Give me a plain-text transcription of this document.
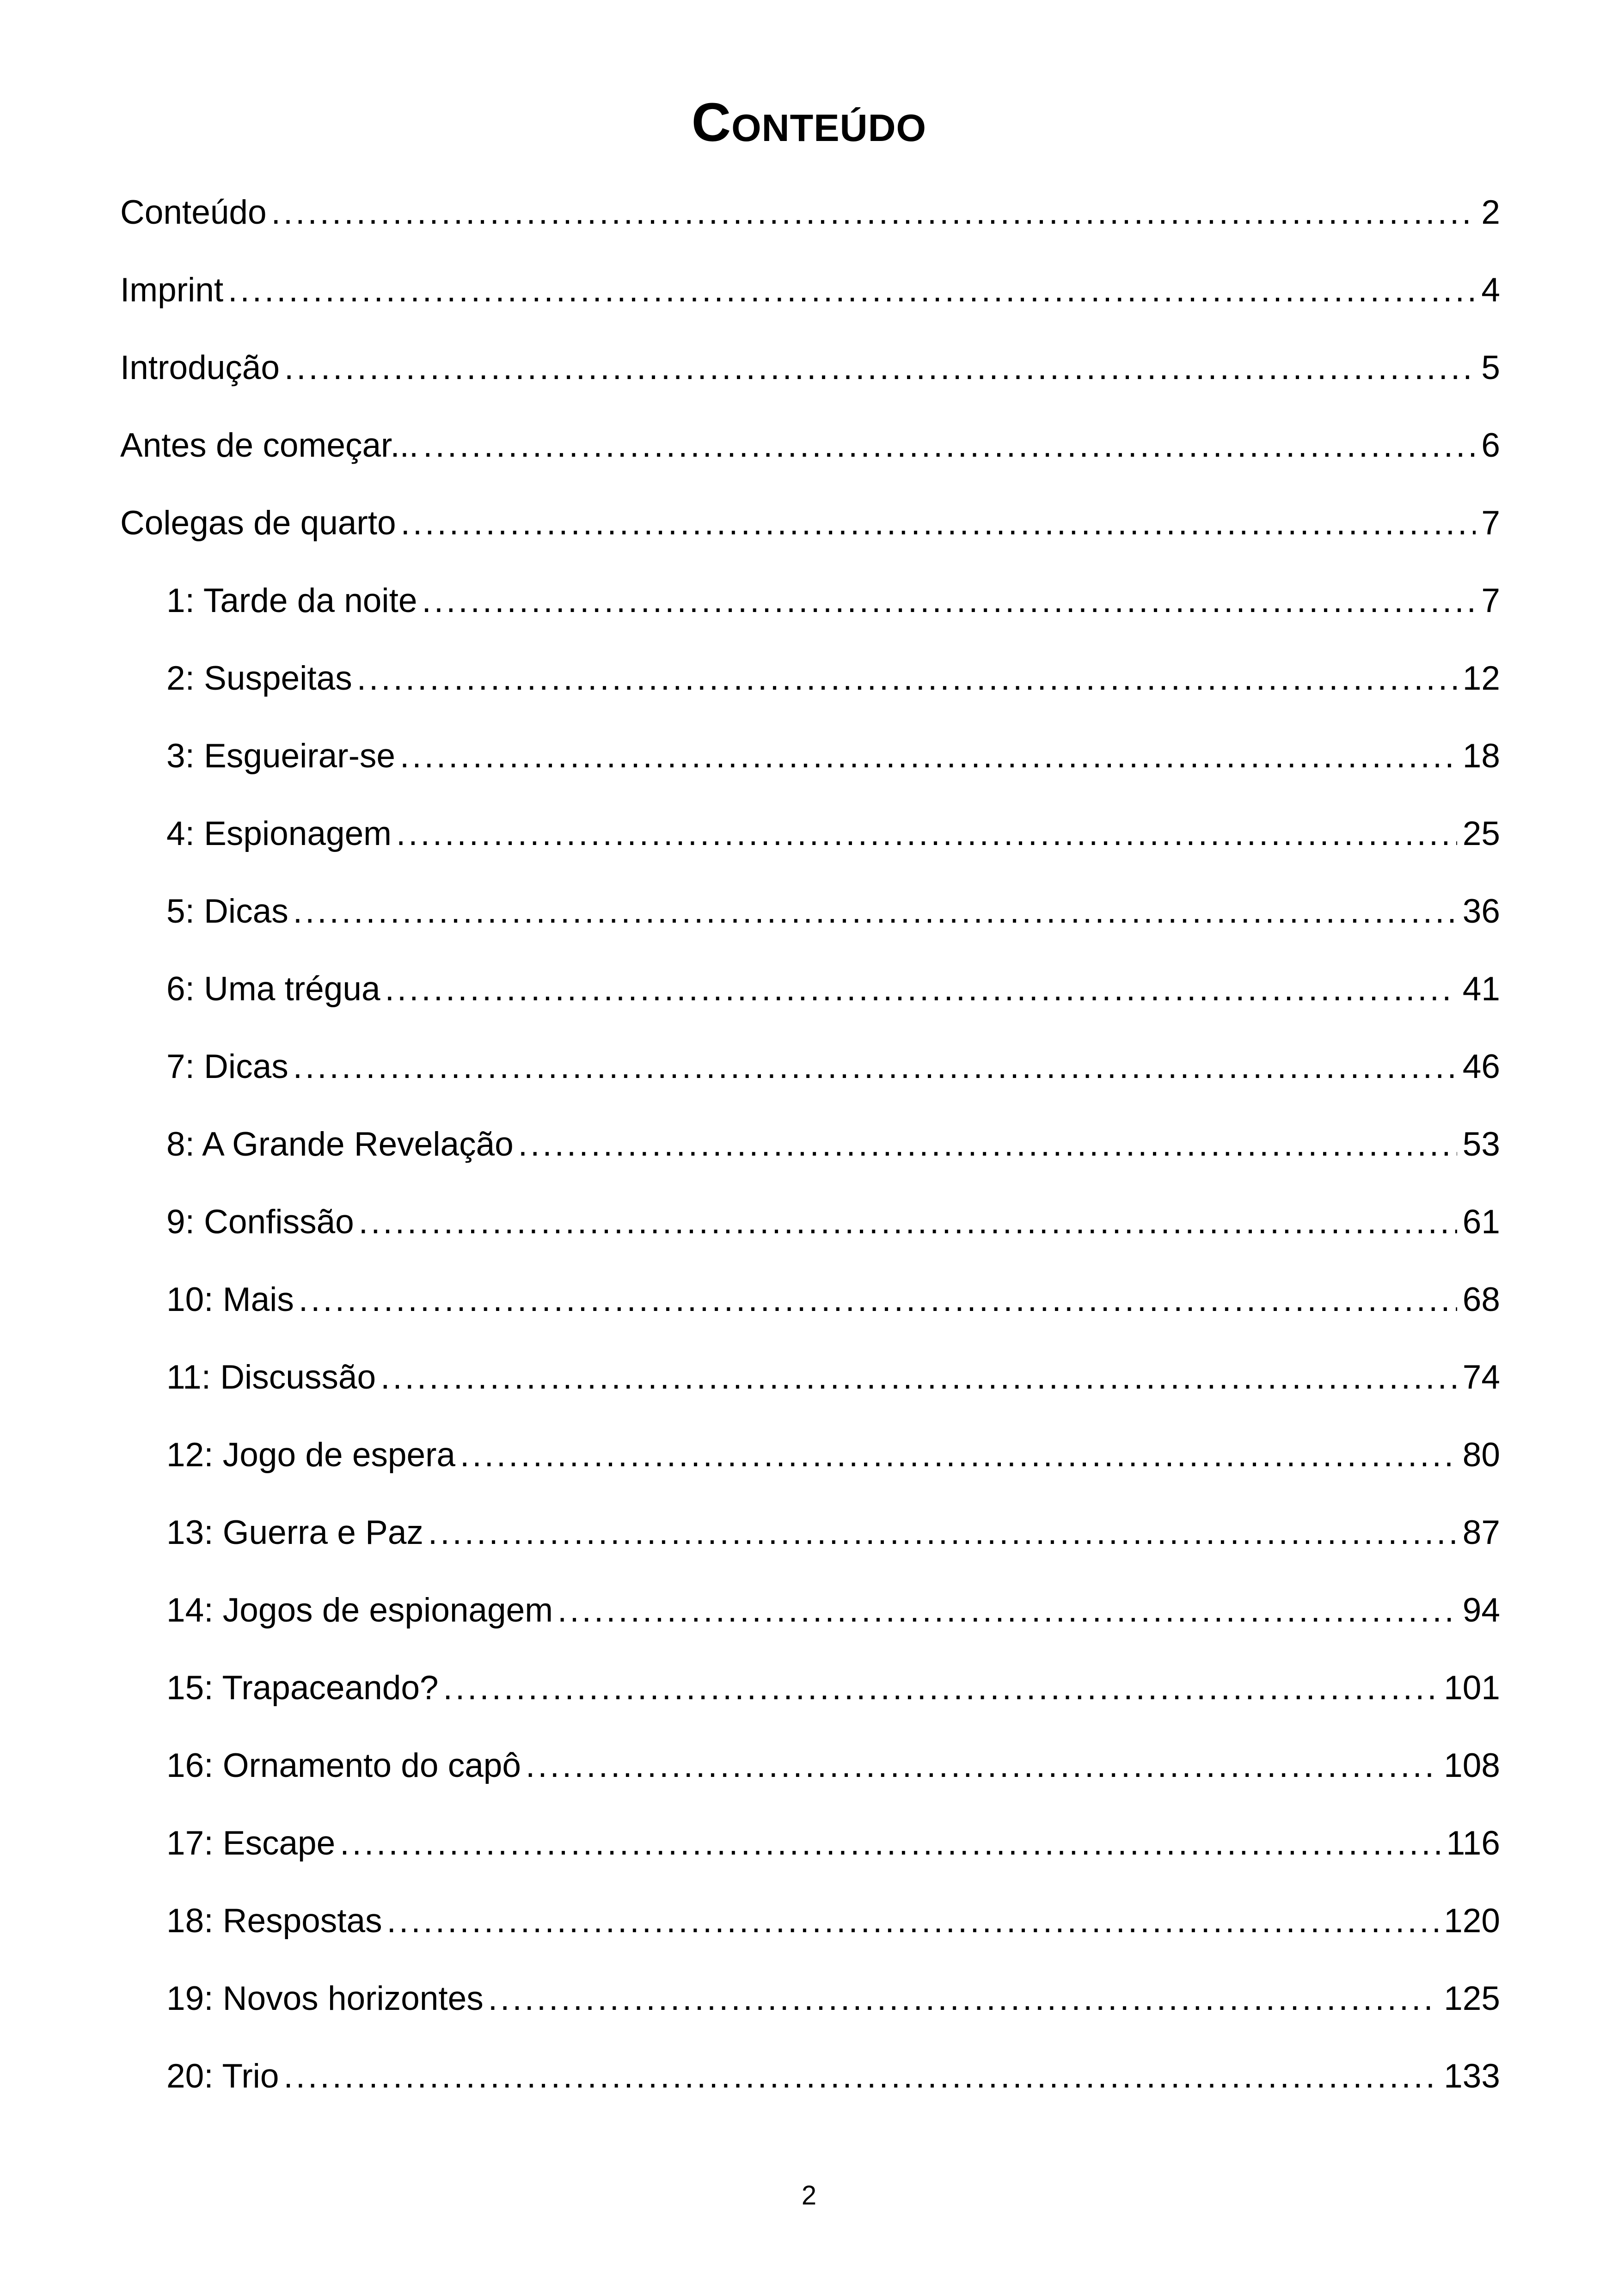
Conteúdo
Conteúdo .....	2
Imprint .....	4
Introdução .....	5
Antes de começar... .....	6
Colegas de quarto .....	7
1: Tarde da noite .....	7
2: Suspeitas .....	12
3: Esgueirar-se .....	18
4: Espionagem .....	25
5: Dicas .....	36
6: Uma trégua .....	41
7: Dicas .....	46
8: A Grande Revelação .....	53
9: Confissão .....	61
10: Mais .....	68
11: Discussão .....	74
12: Jogo de espera .....	80
13: Guerra e Paz .....	87
14: Jogos de espionagem .....	94
15: Trapaceando? .....	101
16: Ornamento do capô .....	108
17: Escape .....	116
18: Respostas .....	120
19: Novos horizontes .....	125
20: Trio .....	133
2
